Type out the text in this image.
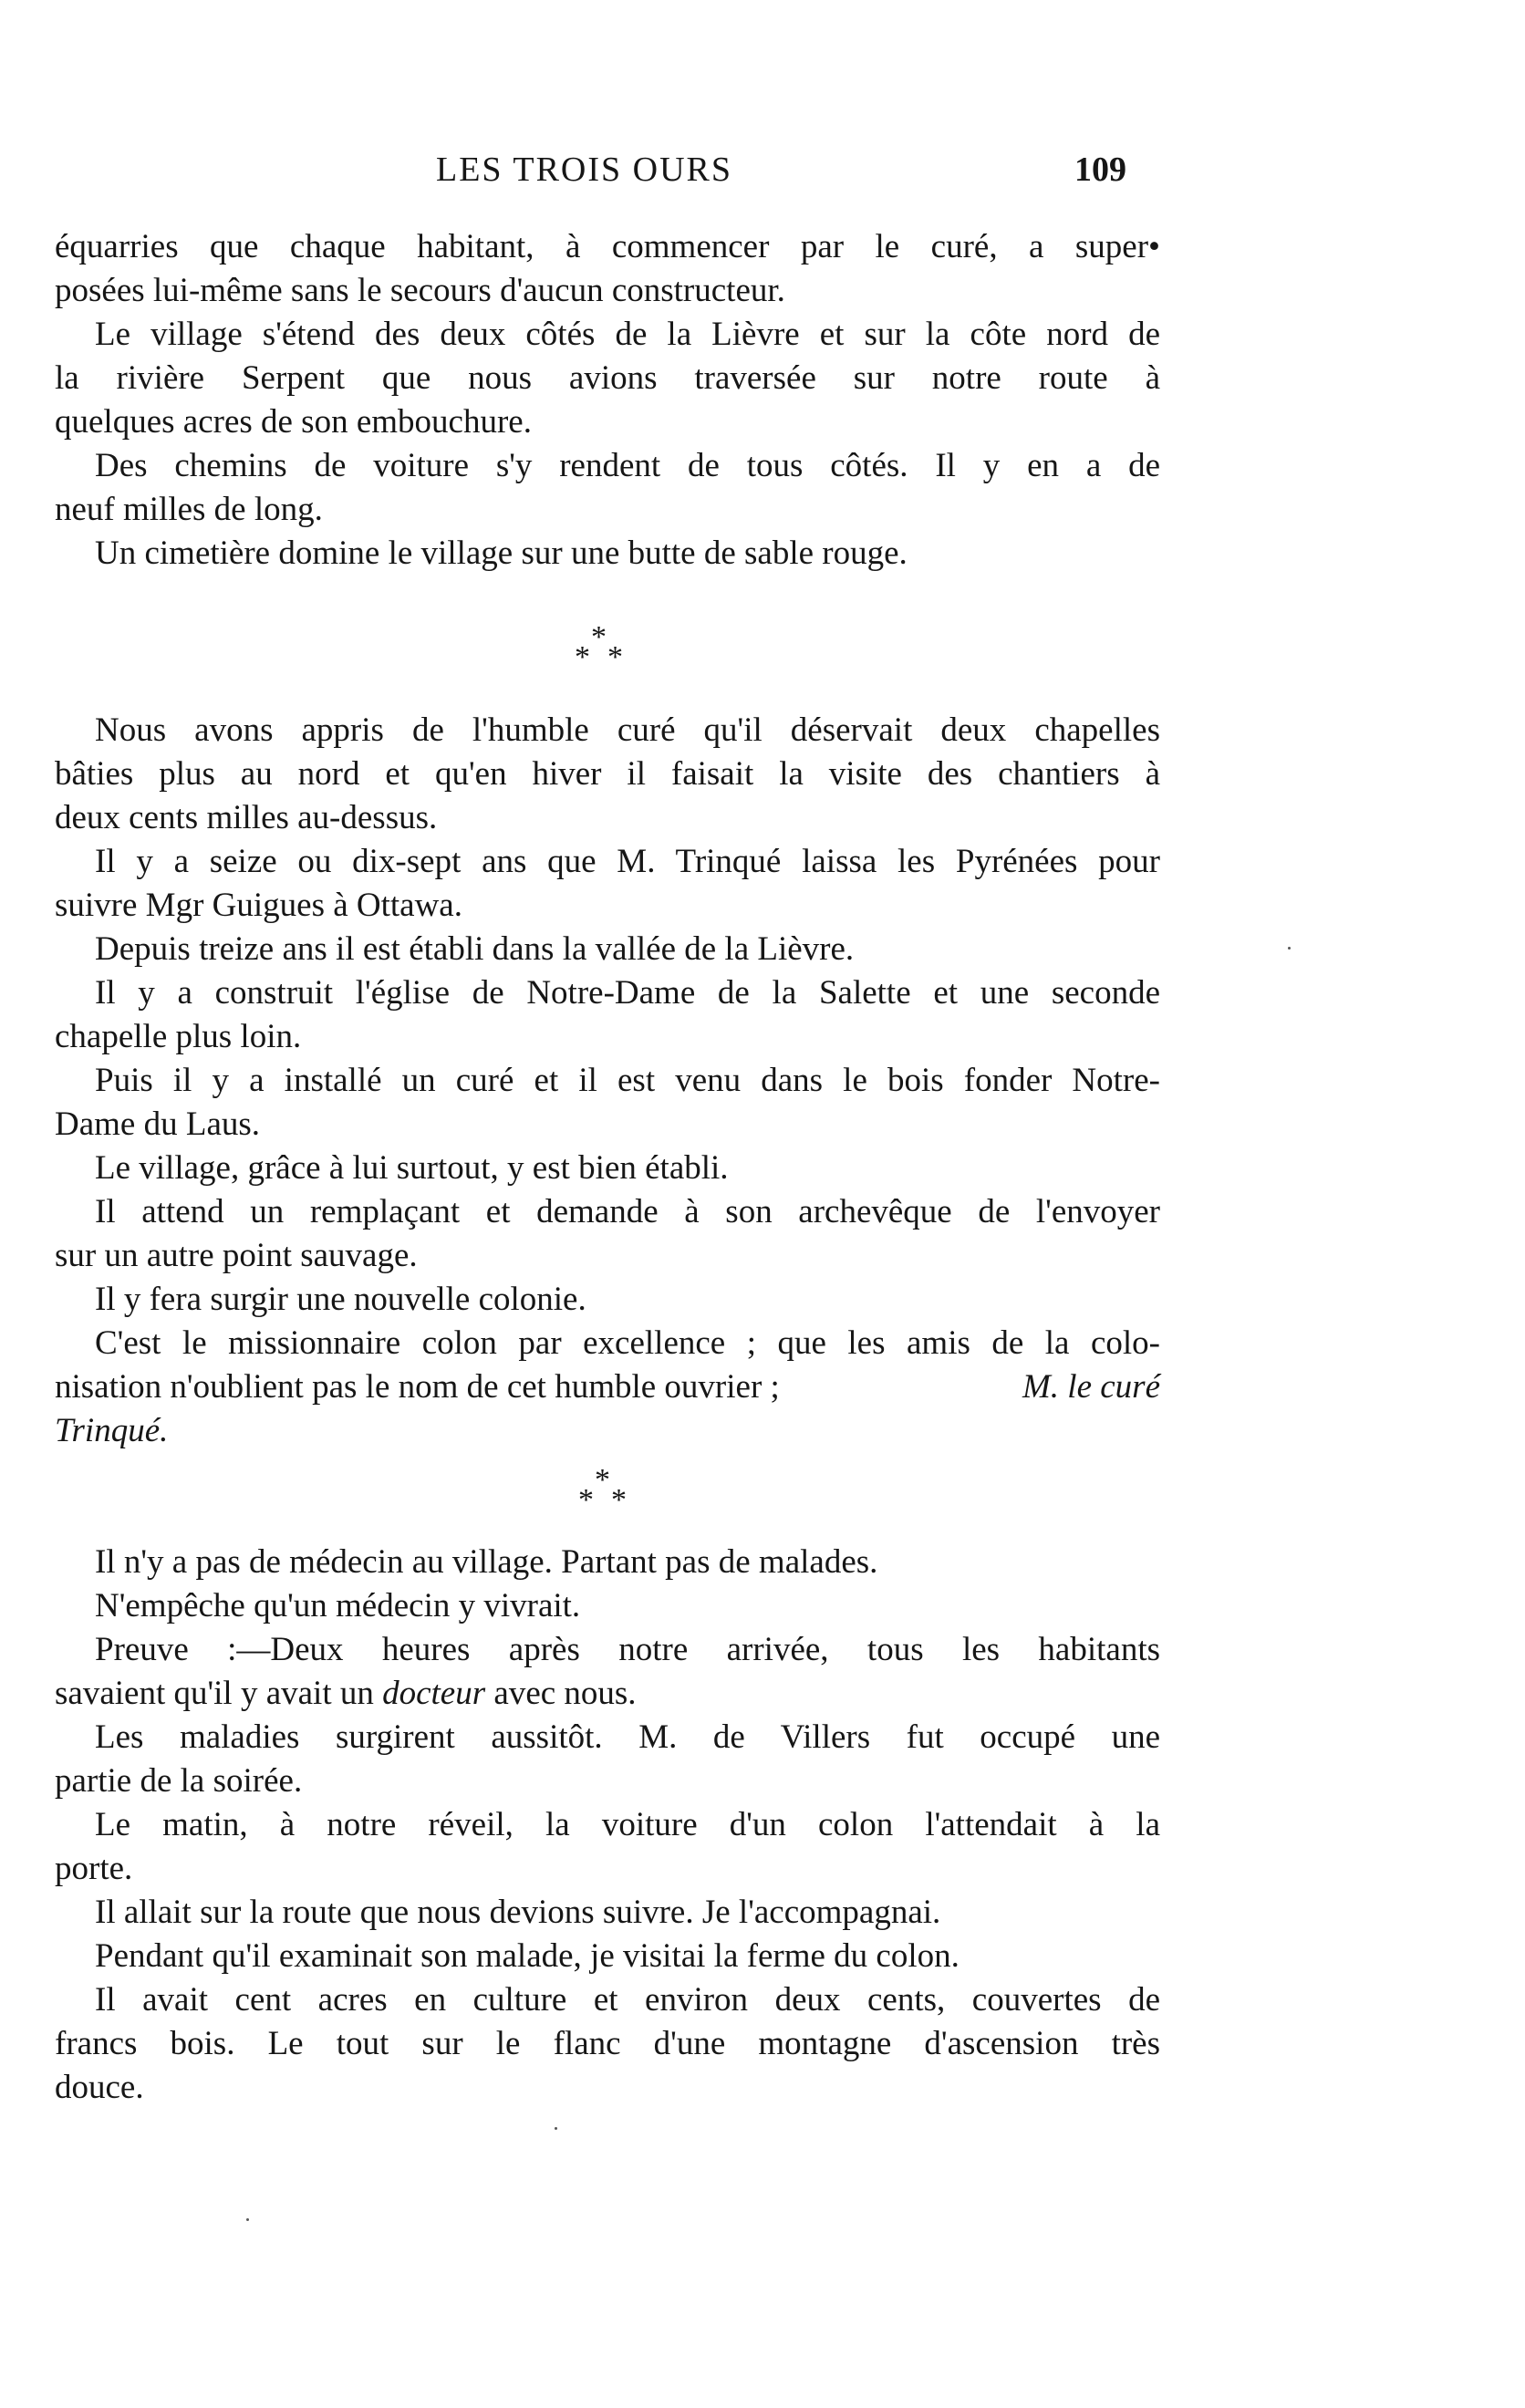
LES TROIS OURS	109
équarries que chaque habitant, à commencer par le curé, a super•
posées lui-même sans le secours d'aucun constructeur.
Le village s'étend des deux côtés de la Lièvre et sur la côte nord de
la rivière Serpent que nous avions traversée sur notre route à
quelques acres de son embouchure.
Des chemins de voiture s'y rendent de tous côtés. Il y en a de
neuf milles de long.
Un cimetière domine le village sur une butte de sable rouge.
*
* *
Nous avons appris de l'humble curé qu'il déservait deux chapelles
bâties plus au nord et qu'en hiver il faisait la visite des chantiers à
deux cents milles au-dessus.
Il y a seize ou dix-sept ans que M. Trinqué laissa les Pyrénées pour
suivre Mgr Guigues à Ottawa.
Depuis treize ans il est établi dans la vallée de la Lièvre.
Il y a construit l'église de Notre-Dame de la Salette et une seconde
chapelle plus loin.
Puis il y a installé un curé et il est venu dans le bois fonder Notre-
Dame du Laus.
Le village, grâce à lui surtout, y est bien établi.
Il attend un remplaçant et demande à son archevêque de l'envoyer
sur un autre point sauvage.
Il y fera surgir une nouvelle colonie.
C'est le missionnaire colon par excellence ; que les amis de la colo-
nisation n'oublient pas le nom de cet humble ouvrier ;	M. le curé
Trinqué.
*
* *
Il n'y a pas de médecin au village. Partant pas de malades.
N'empêche qu'un médecin y vivrait.
Preuve :—Deux heures après notre arrivée, tous les habitants
savaient qu'il y avait un docteur avec nous.
Les maladies surgirent aussitôt. M. de Villers fut occupé une
partie de la soirée.
Le matin, à notre réveil, la voiture d'un colon l'attendait à la
porte.
Il allait sur la route que nous devions suivre. Je l'accompagnai.
Pendant qu'il examinait son malade, je visitai la ferme du colon.
Il avait cent acres en culture et environ deux cents, couvertes de
francs bois. Le tout sur le flanc d'une montagne d'ascension très
douce.
